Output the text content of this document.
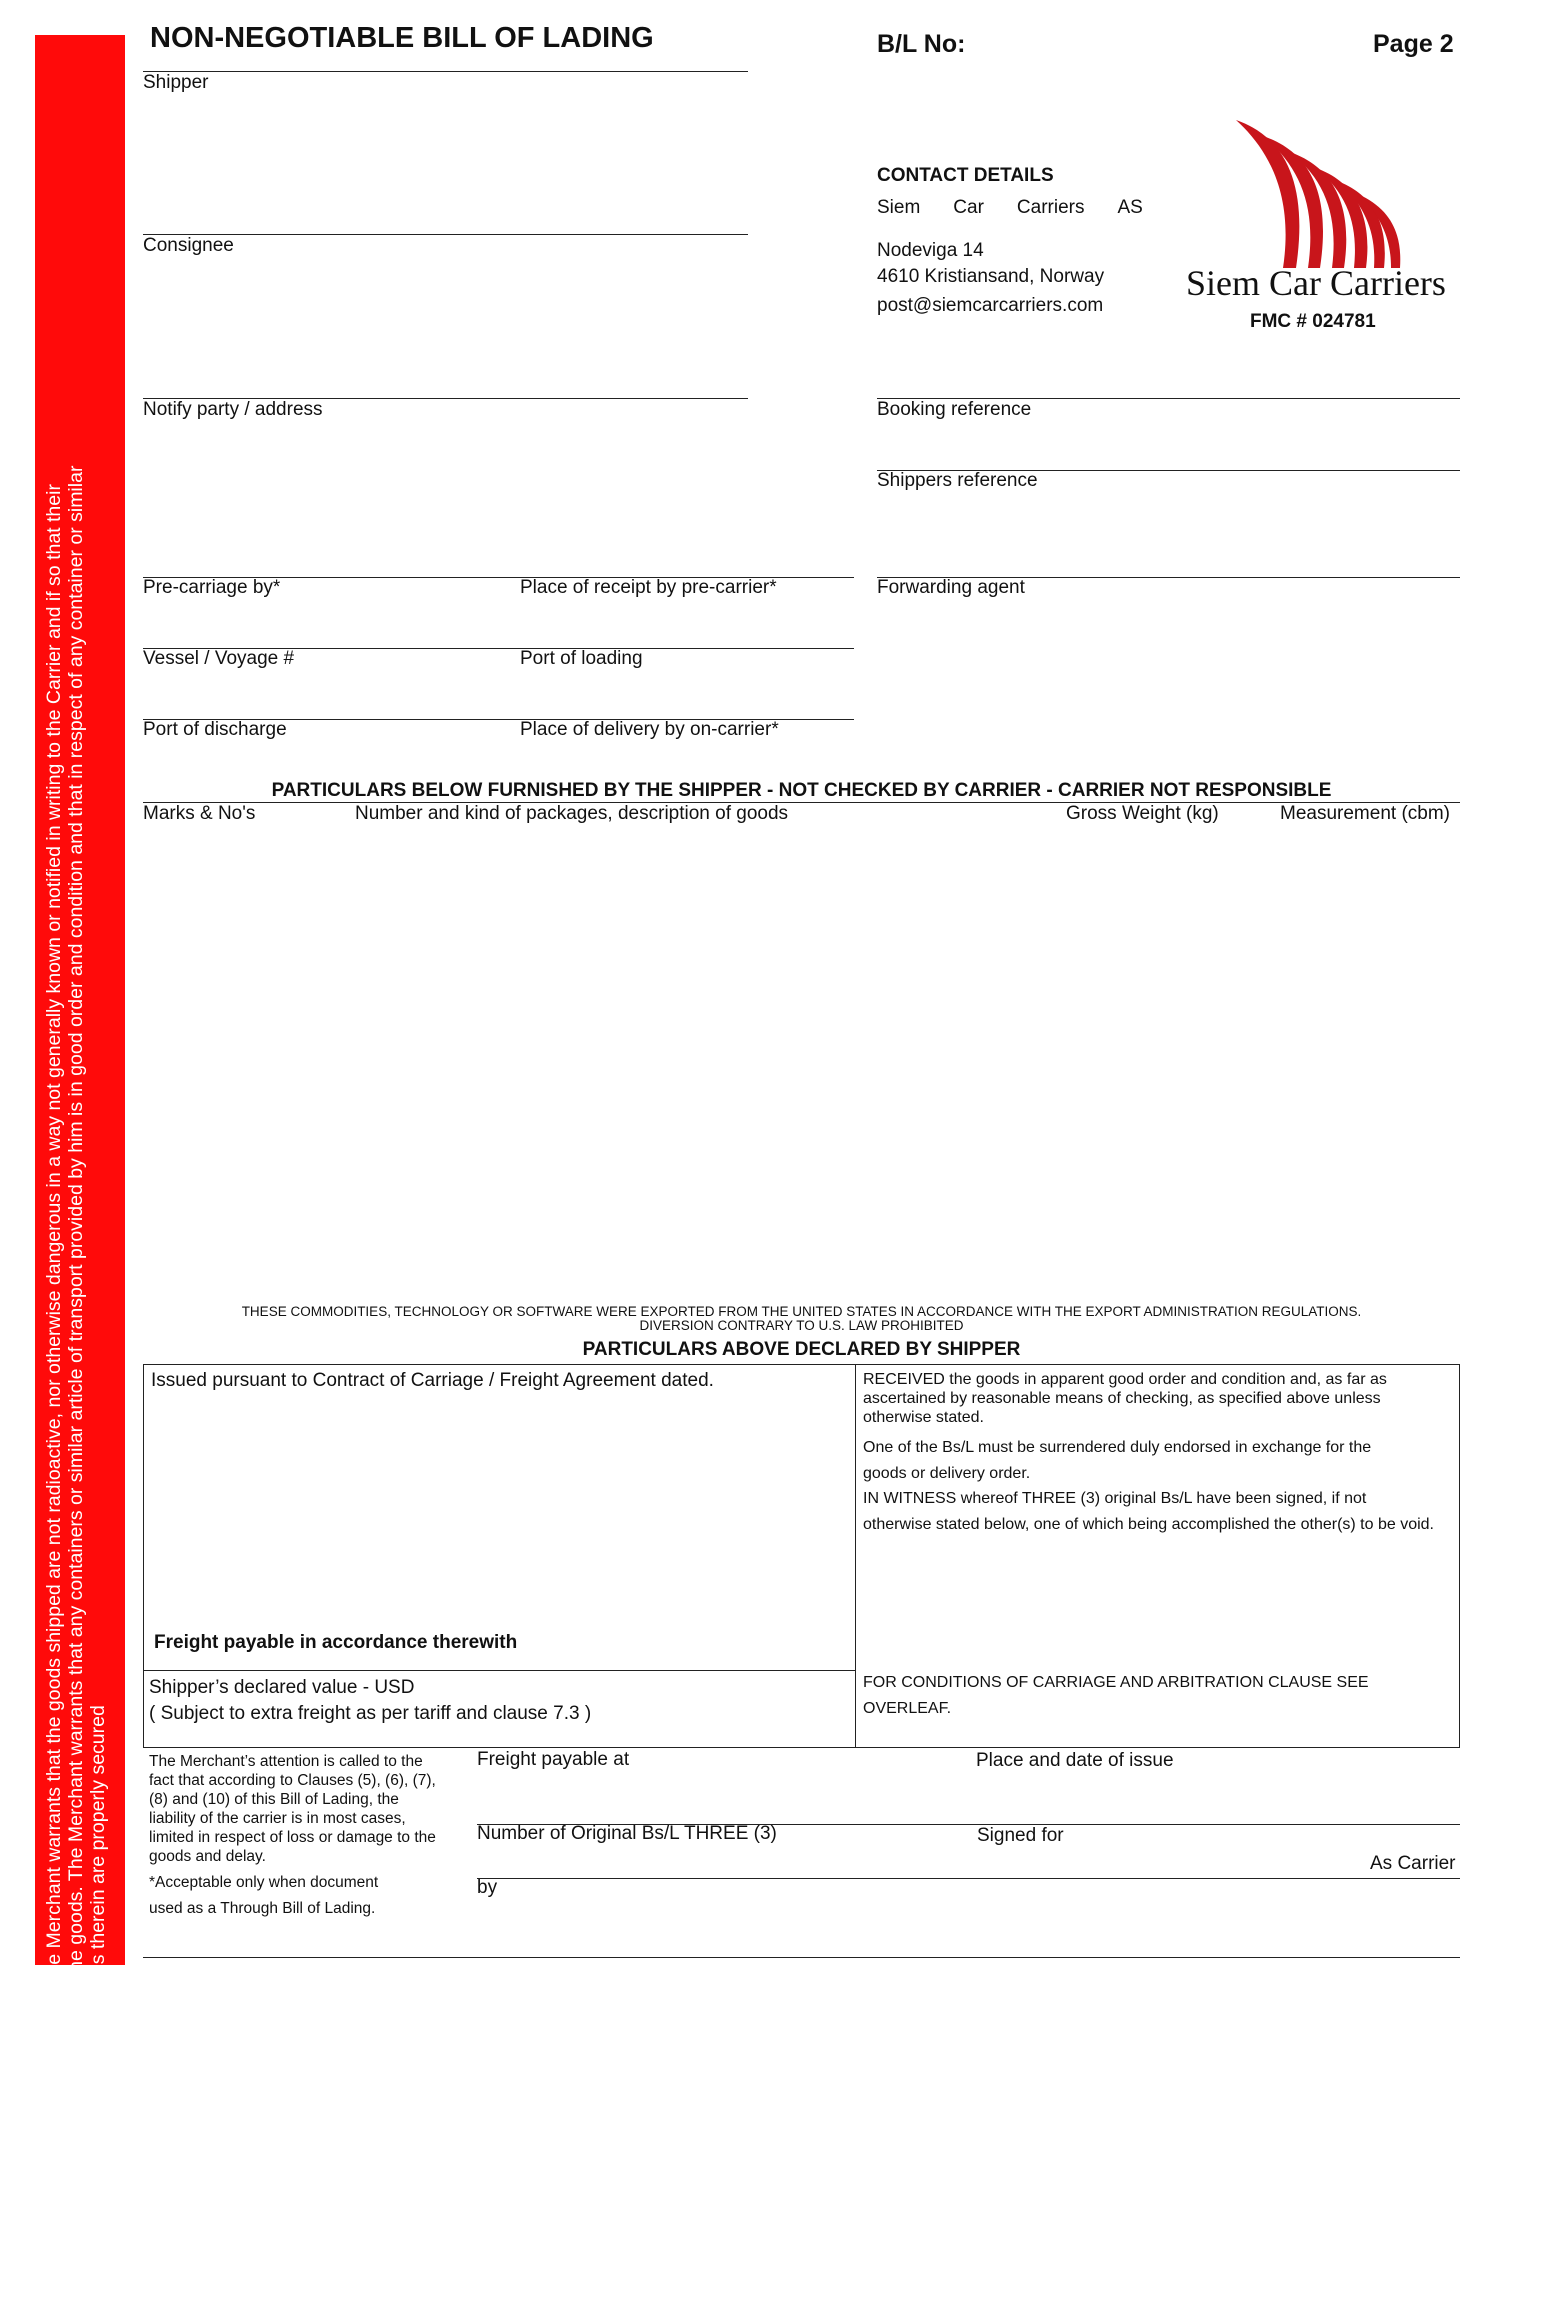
Dangerous Cargo and Containers: The Merchant warrants that the goods shipped are not radioactive, nor otherwise dangerous in a way not generally known or notified in writing to the Carrier and if so that their nature shall be distinctly marked upon the goods. The Merchant warrants that any containers or similar article of transport provided by him is in good order and condition and that in respect of any container or similar article of transport filled by him the goods therein are properly secured
NON-NEGOTIABLE BILL OF LADING	B/L No:	Page 2
Shipper
Consignee
Notify party / address
CONTACT DETAILS
Siem Car Carriers AS
Nodeviga 14
4610 Kristiansand, Norway
post@siemcarcarriers.com
Siem Car Carriers
FMC # 024781
Booking reference
Shippers reference
Forwarding agent
Pre-carriage by*	Place of receipt by pre-carrier*
Vessel / Voyage #	Port of loading
Port of discharge	Place of delivery by on-carrier*
PARTICULARS BELOW FURNISHED BY THE SHIPPER - NOT CHECKED BY CARRIER - CARRIER NOT RESPONSIBLE
Marks & No's	Number and kind of packages, description of goods	Gross Weight (kg)	Measurement (cbm)
THESE COMMODITIES, TECHNOLOGY OR SOFTWARE WERE EXPORTED FROM THE UNITED STATES IN ACCORDANCE WITH THE EXPORT ADMINISTRATION REGULATIONS.
DIVERSION CONTRARY TO U.S. LAW PROHIBITED
PARTICULARS ABOVE DECLARED BY SHIPPER
Issued pursuant to Contract of Carriage / Freight Agreement dated.
Freight payable in accordance therewith
Shipper’s declared value - USD
( Subject to extra freight as per tariff and clause 7.3 )
RECEIVED the goods in apparent good order and condition and, as far as ascertained by reasonable means of checking, as specified above unless otherwise stated.
One of the Bs/L must be surrendered duly endorsed in exchange for the
goods or delivery order.
IN WITNESS whereof THREE (3) original Bs/L have been signed, if not
otherwise stated below, one of which being accomplished the other(s) to be void.
FOR CONDITIONS OF CARRIAGE AND ARBITRATION CLAUSE SEE
OVERLEAF.
The Merchant’s attention is called to the fact that according to Clauses (5), (6), (7), (8) and (10) of this Bill of Lading, the liability of the carrier is in most cases, limited in respect of loss or damage to the goods and delay.
*Acceptable only when document
used as a Through Bill of Lading.
Freight payable at	Place and date of issue
Number of Original Bs/L THREE (3)	Signed for
As Carrier
by
